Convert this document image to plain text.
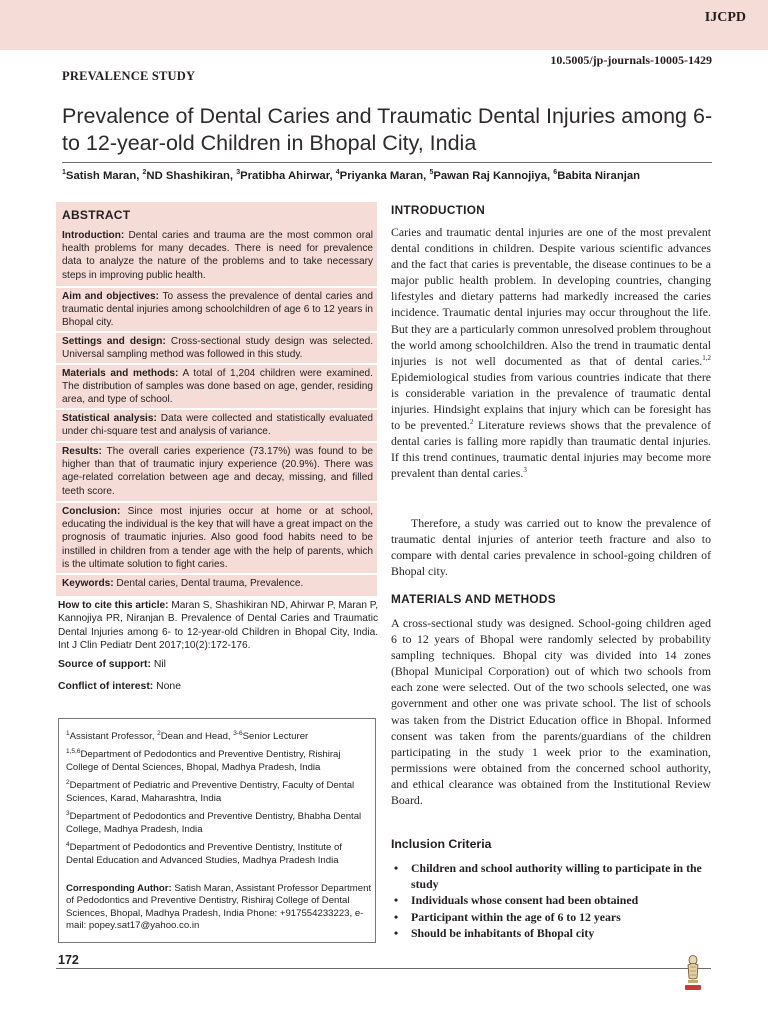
IJCPD
10.5005/jp-journals-10005-1429
PREVALENCE STUDY
Prevalence of Dental Caries and Traumatic Dental Injuries among 6- to 12-year-old Children in Bhopal City, India
$^1$Satish Maran, $^2$ND Shashikiran, $^3$Pratibha Ahirwar, $^4$Priyanka Maran, $^5$Pawan Raj Kannojiya, $^6$Babita Niranjan
ABSTRACT

Introduction: Dental caries and trauma are the most common oral health problems for many decades. There is need for prevalence data to analyze the nature of the problems and to take necessary steps in improving public health.

Aim and objectives: To assess the prevalence of dental caries and traumatic dental injuries among schoolchildren of age 6 to 12 years in Bhopal city.

Settings and design: Cross-sectional study design was selected. Universal sampling method was followed in this study.

Materials and methods: A total of 1,204 children were examined. The distribution of samples was done based on age, gender, residing area, and type of school.

Statistical analysis: Data were collected and statistically evaluated under chi-square test and analysis of variance.

Results: The overall caries experience (73.17%) was found to be higher than that of traumatic injury experience (20.9%). There was age-related correlation between age and decay, missing, and filled teeth score.

Conclusion: Since most injuries occur at home or at school, educating the individual is the key that will have a great impact on the prognosis of traumatic injuries. Also good food habits need to be instilled in children from a tender age with the help of parents, which is the ultimate solution to fight caries.

Keywords: Dental caries, Dental trauma, Prevalence.

How to cite this article: Maran S, Shashikiran ND, Ahirwar P, Maran P, Kannojiya PR, Niranjan B. Prevalence of Dental Caries and Traumatic Dental Injuries among 6- to 12-year-old Children in Bhopal City, India. Int J Clin Pediatr Dent 2017;10(2):172-176.

Source of support: Nil
Conflict of interest: None

$^1$Assistant Professor, $^2$Dean and Head, $^{3-6}$Senior Lecturer

$^{1,5,6}$Department of Pedodontics and Preventive Dentistry, Rishiraj College of Dental Sciences, Bhopal, Madhya Pradesh, India

$^2$Department of Pediatric and Preventive Dentistry, Faculty of Dental Sciences, Karad, Maharashtra, India

$^3$Department of Pedodontics and Preventive Dentistry, Bhabha Dental College, Madhya Pradesh, India

$^4$Department of Pedodontics and Preventive Dentistry, Institute of Dental Education and Advanced Studies, Madhya Pradesh India

Corresponding Author: Satish Maran, Assistant Professor Department of Pedodontics and Preventive Dentistry, Rishiraj College of Dental Sciences, Bhopal, Madhya Pradesh, India Phone: +917554233223, e-mail: popey.sat17@yahoo.co.in

172
INTRODUCTION

Caries and traumatic dental injuries are one of the most prevalent dental conditions in children. Despite various scientific advances and the fact that caries is preventable, the disease continues to be a major public health problem. In developing countries, changing lifestyles and dietary patterns had markedly increased the caries incidence. Traumatic dental injuries may occur throughout the life. But they are a particularly common unresolved problem throughout the world among schoolchildren. Also the trend in traumatic dental injuries is not well documented as that of dental caries.$^{1,2}$ Epidemiological studies from various countries indicate that there is considerable variation in the prevalence of traumatic dental injuries. Hindsight explains that injury which can be foresight has to be prevented.$^2$ Literature reviews shows that the prevalence of dental caries is falling more rapidly than traumatic dental injuries. If this trend continues, traumatic dental injuries may become more prevalent than dental caries.$^3$

Therefore, a study was carried out to know the prevalence of traumatic dental injuries of anterior teeth fracture and also to compare with dental caries prevalence in school-going children of Bhopal city.

MATERIALS AND METHODS

A cross-sectional study was designed. School-going children aged 6 to 12 years of Bhopal were randomly selected by probability sampling techniques. Bhopal city was divided into 14 zones (Bhopal Municipal Corporation) out of which two schools from each zone were selected. Out of the two schools selected, one was government and other one was private school. The list of schools was taken from the District Education office in Bhopal. Informed consent was taken from the parents/guardians of the children participating in the study 1 week prior to the examination, permissions were obtained from the concerned school authority, and ethical clearance was obtained from the Institutional Review Board.

Inclusion Criteria
• Children and school authority willing to participate in the study
• Individuals whose consent had been obtained
• Participant within the age of 6 to 12 years
• Should be inhabitants of Bhopal city
